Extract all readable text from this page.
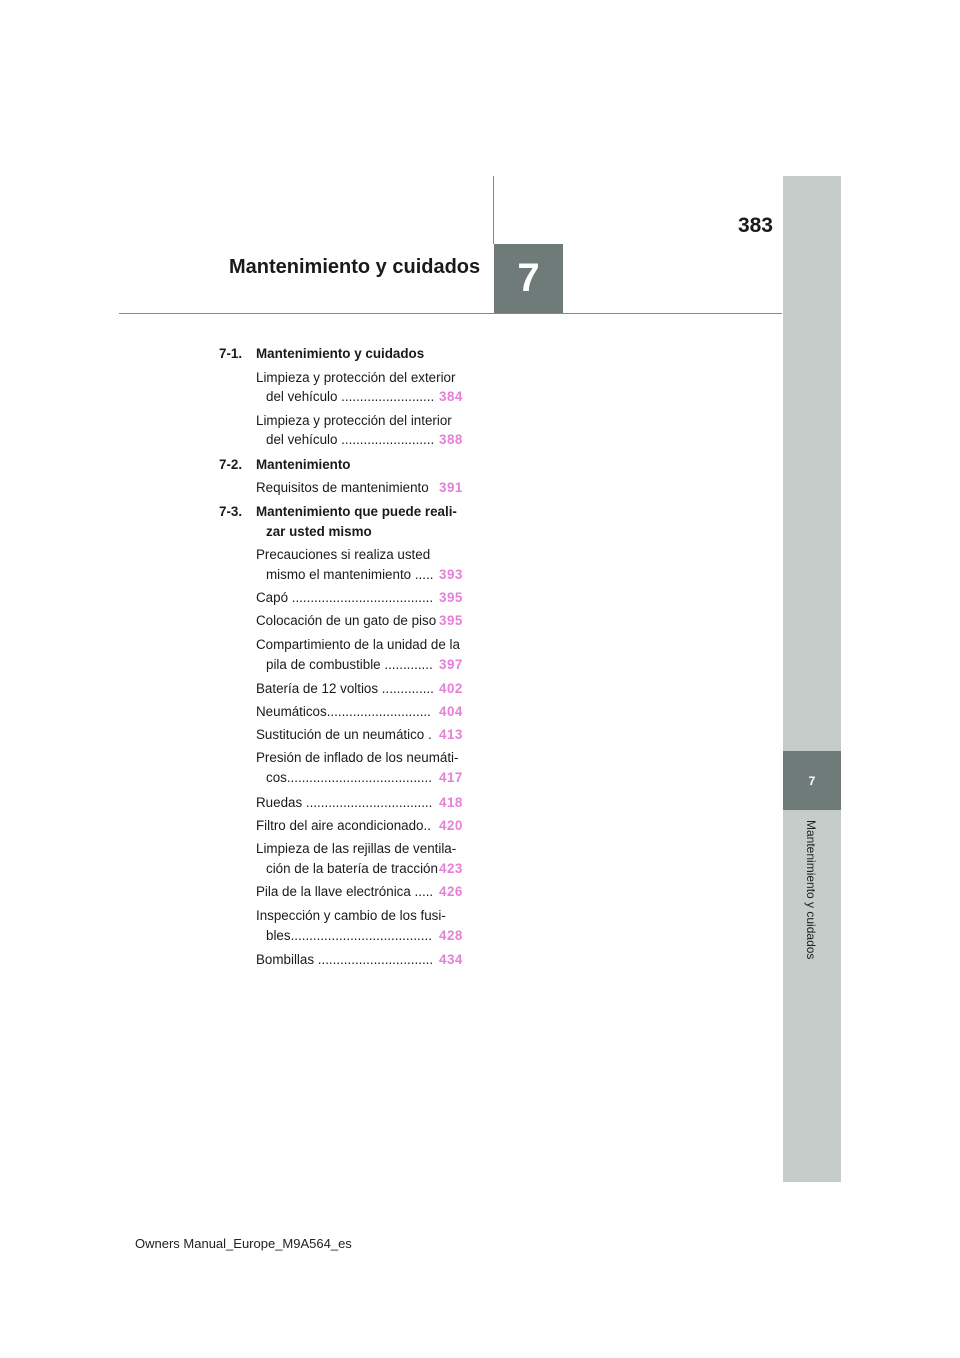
7
Mantenimiento y cuidados
7
383
Mantenimiento y cuidados
7-1. Mantenimiento y cuidados
Limpieza y protección del exterior
del vehículo ......................... 384
Limpieza y protección del interior
del vehículo ......................... 388
7-2. Mantenimiento
Requisitos de mantenimiento 391
7-3. Mantenimiento que puede reali-
zar usted mismo
Precauciones si realiza usted
mismo el mantenimiento ..... 393
Capó ...................................... 395
Colocación de un gato de piso 395
Compartimiento de la unidad de la
pila de combustible ............. 397
Batería de 12 voltios .............. 402
Neumáticos............................ 404
Sustitución de un neumático . 413
Presión de inflado de los neumáti-
cos....................................... 417
Ruedas .................................. 418
Filtro del aire acondicionado.. 420
Limpieza de las rejillas de ventila-
ción de la batería de tracción 423
Pila de la llave electrónica ..... 426
Inspección y cambio de los fusi-
bles...................................... 428
Bombillas ............................... 434
Owners Manual_Europe_M9A564_es
